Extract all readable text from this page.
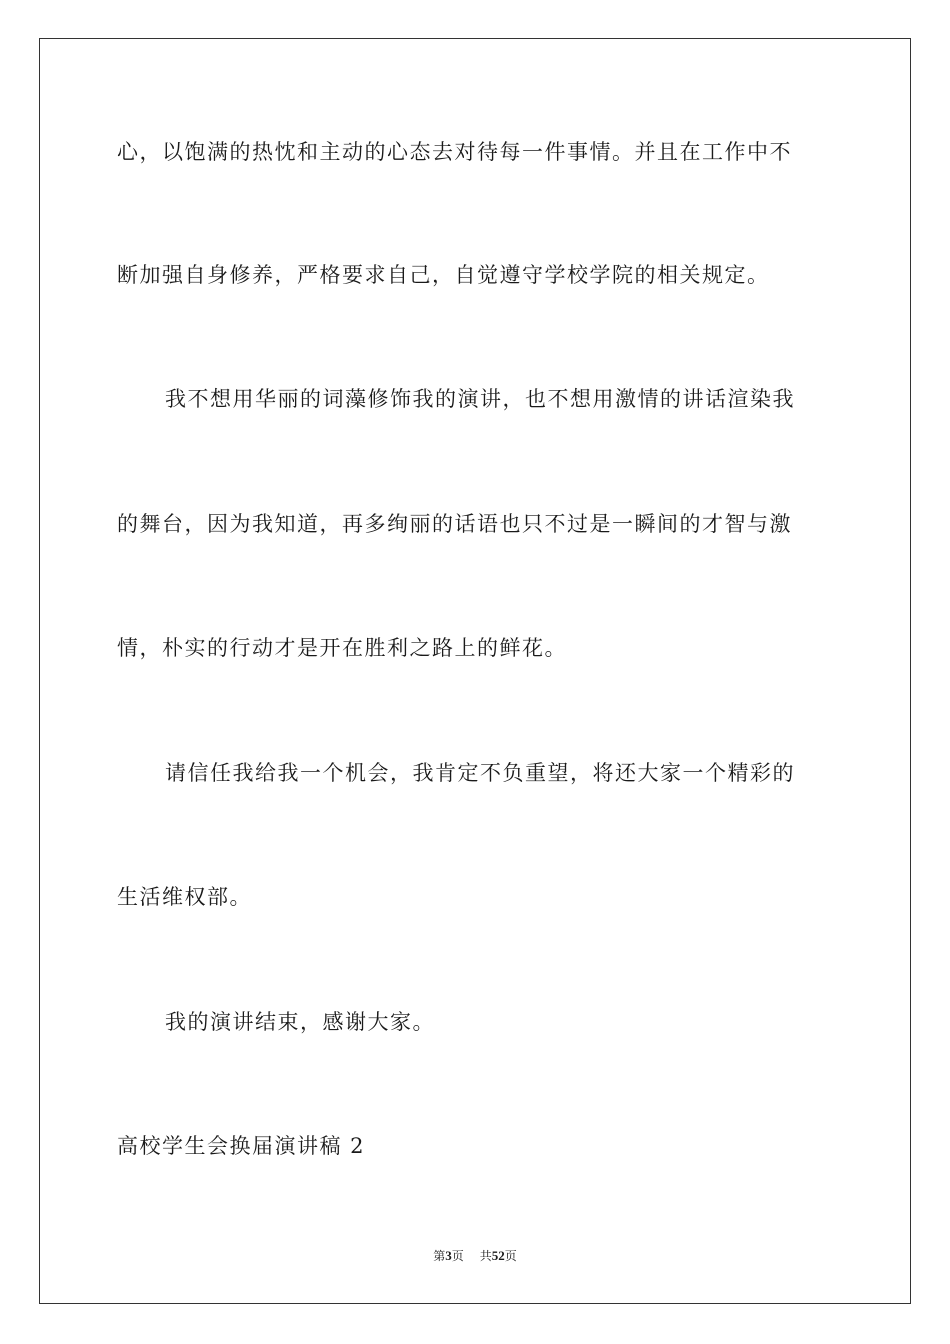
心，以饱满的热忱和主动的心态去对待每一件事情。并且在工作中不
断加强自身修养，严格要求自己，自觉遵守学校学院的相关规定。
我不想用华丽的词藻修饰我的演讲，也不想用激情的讲话渲染我
的舞台，因为我知道，再多绚丽的话语也只不过是一瞬间的才智与激
情，朴实的行动才是开在胜利之路上的鲜花。
请信任我给我一个机会，我肯定不负重望，将还大家一个精彩的
生活维权部。
我的演讲结束，感谢大家。
高校学生会换届演讲稿 2
第3页 共52页
